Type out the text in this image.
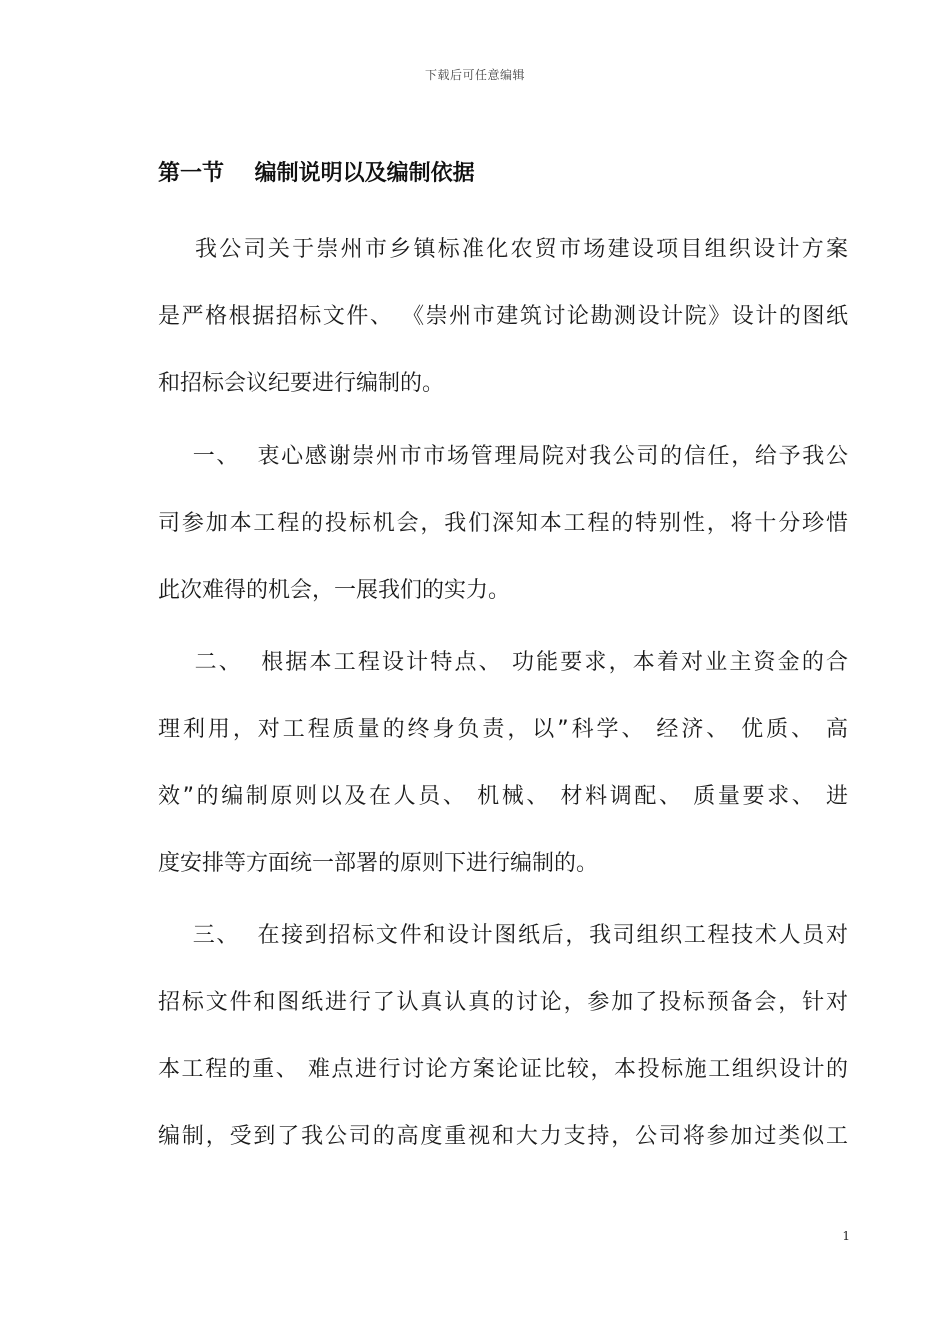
下载后可任意编辑
第一节    编制说明以及编制依据
我公司关于崇州市乡镇标准化农贸市场建设项目组织设计方案
是严格根据招标文件、 《崇州市建筑讨论勘测设计院》设计的图纸
和招标会议纪要进行编制的。
一、  衷心感谢崇州市市场管理局院对我公司的信任，给予我公
司参加本工程的投标机会，我们深知本工程的特别性，将十分珍惜
此次难得的机会，一展我们的实力。
二、  根据本工程设计特点、 功能要求，本着对业主资金的合
理利用，对工程质量的终身负责，以”科学、 经济、 优质、 高
效”的编制原则以及在人员、 机械、 材料调配、 质量要求、 进
度安排等方面统一部署的原则下进行编制的。
三、  在接到招标文件和设计图纸后，我司组织工程技术人员对
招标文件和图纸进行了认真认真的讨论，参加了投标预备会，针对
本工程的重、 难点进行讨论方案论证比较，本投标施工组织设计的
编制，受到了我公司的高度重视和大力支持，公司将参加过类似工
1
